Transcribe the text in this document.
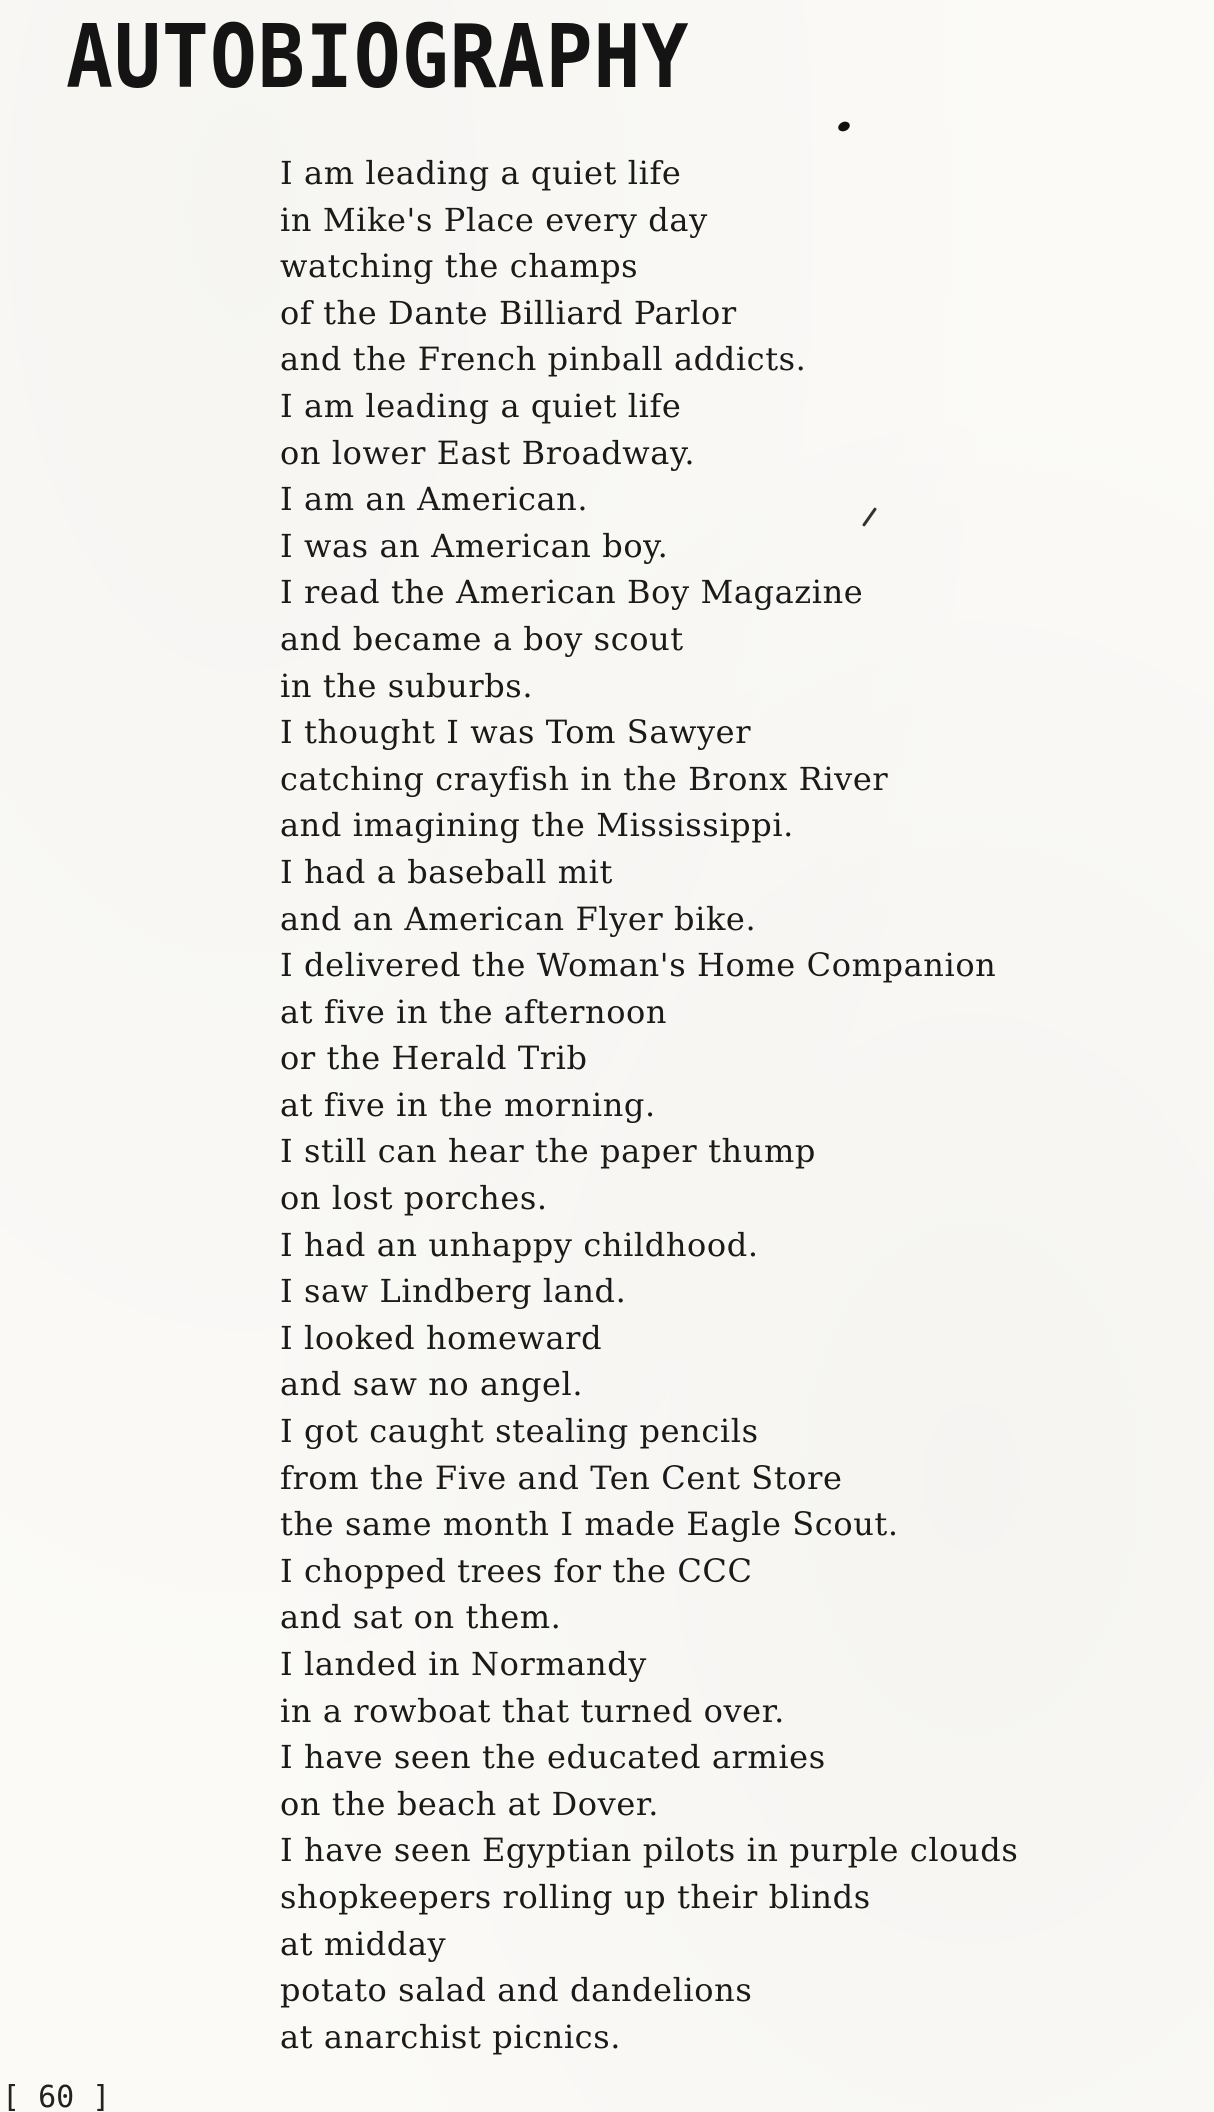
AUTOBIOGRAPHY
I am leading a quiet life
in Mike's Place every day
watching the champs
of the Dante Billiard Parlor
and the French pinball addicts.
I am leading a quiet life
on lower East Broadway.
I am an American.
I was an American boy.
I read the American Boy Magazine
and became a boy scout
in the suburbs.
I thought I was Tom Sawyer
catching crayfish in the Bronx River
and imagining the Mississippi.
I had a baseball mit
and an American Flyer bike.
I delivered the Woman's Home Companion
at five in the afternoon
or the Herald Trib
at five in the morning.
I still can hear the paper thump
on lost porches.
I had an unhappy childhood.
I saw Lindberg land.
I looked homeward
and saw no angel.
I got caught stealing pencils
from the Five and Ten Cent Store
the same month I made Eagle Scout.
I chopped trees for the CCC
and sat on them.
I landed in Normandy
in a rowboat that turned over.
I have seen the educated armies
on the beach at Dover.
I have seen Egyptian pilots in purple clouds
shopkeepers rolling up their blinds
at midday
potato salad and dandelions
at anarchist picnics.
[ 60 ]
